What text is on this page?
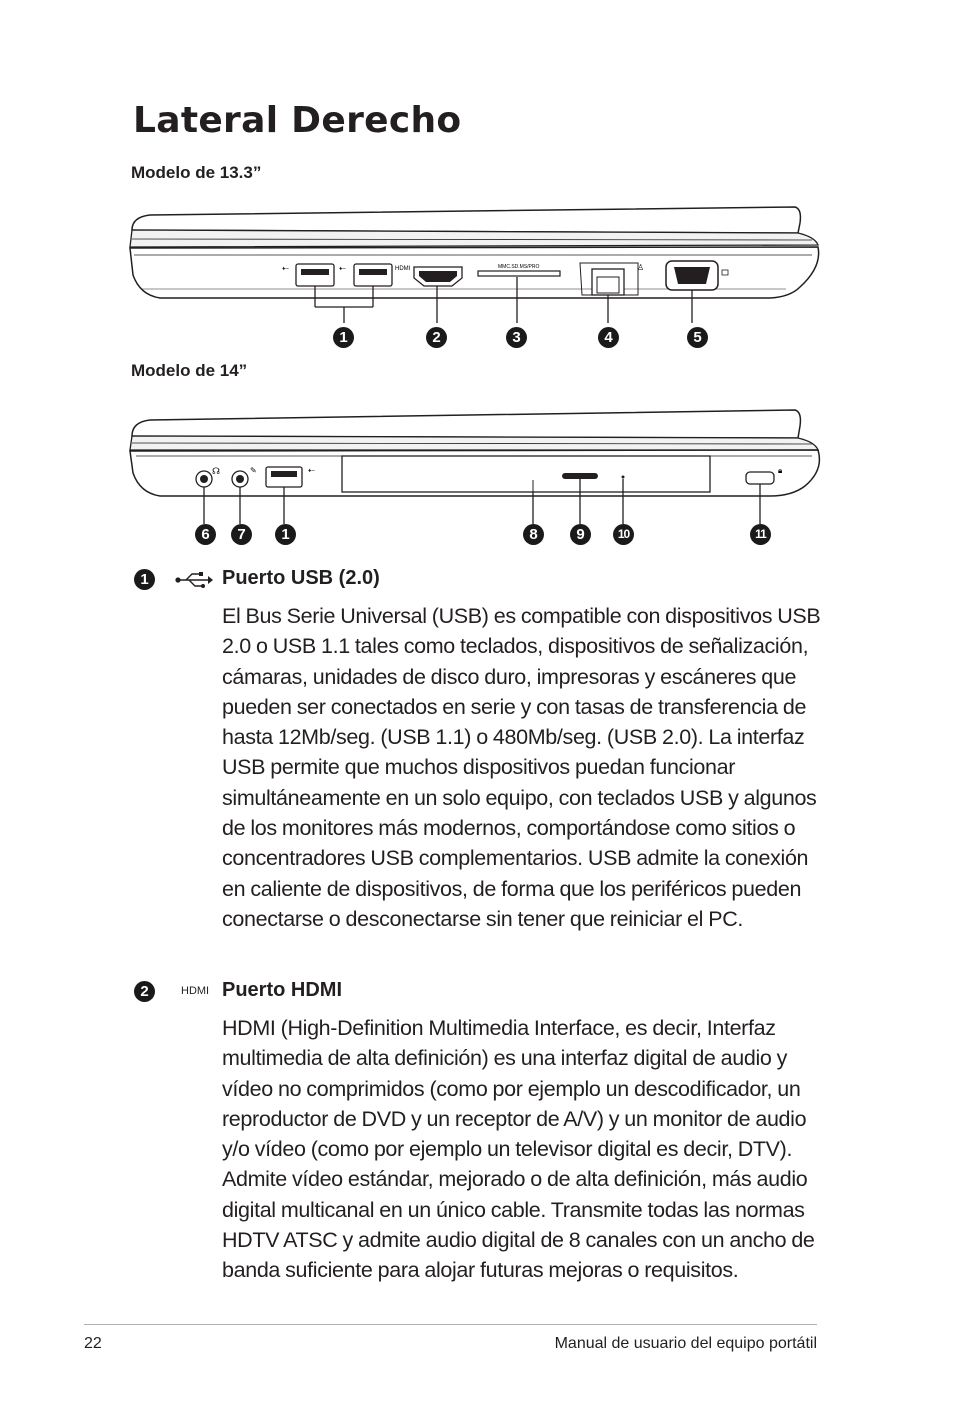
Lateral Derecho
Modelo de 13.3”
⇠	⇠	HDMI	MMC.SD.MS/PRO	♙
1	2	3	4	5
Modelo de 14”
☊	✎	⇠	🔒︎
6	7	1	8	9	10	11
1	Puerto USB (2.0)

El Bus Serie Universal (USB) es compatible con dispositivos USB 2.0 o USB 1.1 tales como teclados, dispositivos de señalización, cámaras, unidades de disco duro, impresoras y escáneres que pueden ser conectados en serie y con tasas de transferencia de hasta 12Mb/seg. (USB 1.1) o 480Mb/seg. (USB 2.0). La interfaz USB permite que muchos dispositivos puedan funcionar simultáneamente en un solo equipo, con teclados USB y algunos de los monitores más modernos, comportándose como sitios o concentradores USB complementarios. USB admite la conexión en caliente de dispositivos, de forma que los periféricos pueden conectarse o desconectarse sin tener que reiniciar el PC.

2	HDMI Puerto HDMI

HDMI (High-Definition Multimedia Interface, es decir, Interfaz multimedia de alta definición) es una interfaz digital de audio y vídeo no comprimidos (como por ejemplo un descodificador, un reproductor de DVD y un receptor de A/V) y un monitor de audio y/o vídeo (como por ejemplo un televisor digital es decir, DTV). Admite vídeo estándar, mejorado o de alta definición, más audio digital multicanal en un único cable. Transmite todas las normas HDTV ATSC y admite audio digital de 8 canales con un ancho de banda suficiente para alojar futuras mejoras o requisitos.

22	Manual de usuario del equipo portátil
